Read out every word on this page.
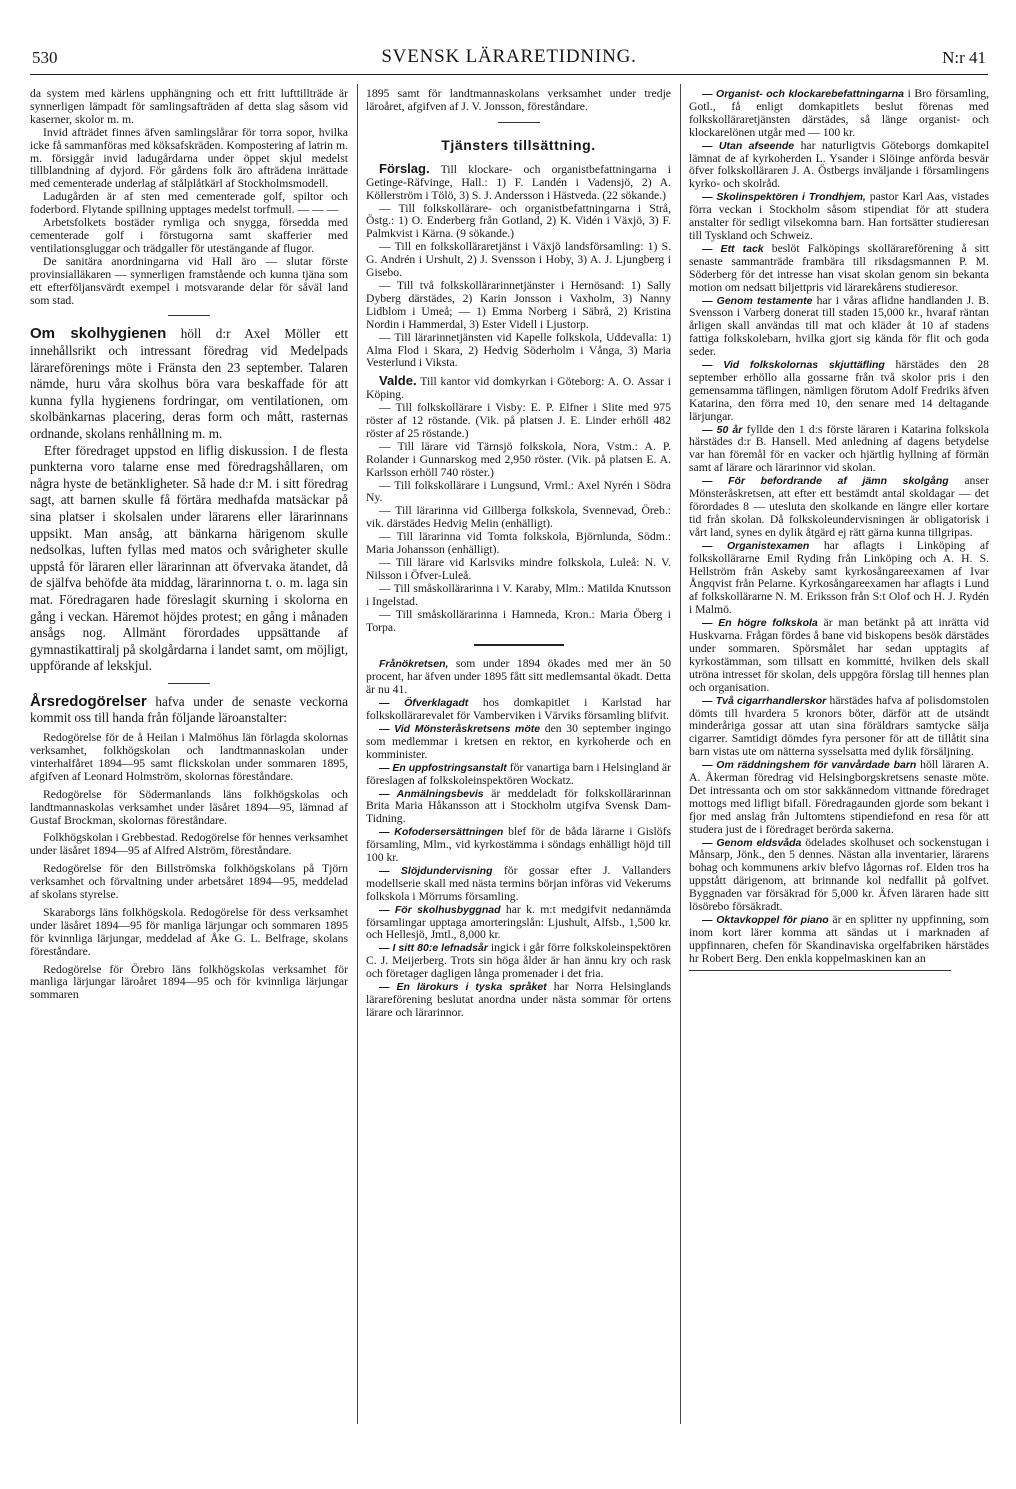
530	SVENSK LÄRARETIDNING.	N:r 41

da system med kärlens upphängning och ett fritt lufttillträde är synnerligen lämpadt för samlingsafträden af detta slag såsom vid kaserner, skolor m. m.

Invid afträdet finnes äfven samlingslårar för torra sopor, hvilka icke få sammanföras med köksafskräden. Kompostering af latrin m. m. försiggår invid ladugårdarna under öppet skjul medelst tillblandning af dyjord. För gårdens folk äro afträdena inrättade med cementerade underlag af stålplåtkärl af Stockholmsmodell.

Ladugården är af sten med cementerade golf, spiltor och foderbord. Flytande spillning upptages medelst torfmull. — — —

Arbetsfolkets bostäder rymliga och snygga, försedda med cementerade golf i förstugorna samt skafferier med ventilationsgluggar och trädgaller för utestängande af flugor.

De sanitära anordningarna vid Hall äro — slutar förste provinsialläkaren — synnerligen framstående och kunna tjäna som ett efterföljansvärdt exempel i motsvarande delar för såväl land som stad.

Om skolhygienen höll d:r Axel Möller ett innehållsrikt och intressant föredrag vid Medelpads lärareförenings möte i Fränsta den 23 september. Talaren nämde, huru våra skolhus böra vara beskaffade för att kunna fylla hygienens fordringar, om ventilationen, om skolbänkarnas placering, deras form och mått, rasternas ordnande, skolans renhållning m. m.

Efter föredraget uppstod en liflig diskussion. I de flesta punkterna voro talarne ense med föredragshållaren, om några hyste de betänkligheter. Så hade d:r M. i sitt föredrag sagt, att barnen skulle få förtära medhafda matsäckar på sina platser i skolsalen under lärarens eller lärarinnans uppsikt. Man ansåg, att bänkarna härigenom skulle nedsolkas, luften fyllas med matos och svårigheter skulle uppstå för läraren eller lärarinnan att öfvervaka ätandet, då de själfva behöfde äta middag, lärarinnorna t. o. m. laga sin mat. Föredragaren hade föreslagit skurning i skolorna en gång i veckan. Häremot höjdes protest; en gång i månaden ansågs nog. Allmänt förordades uppsättande af gymnastikattiralj på skolgårdarna i landet samt, om möjligt, uppförande af lekskjul.

Årsredogörelser hafva under de senaste veckorna kommit oss till handa från följande läroanstalter:

Redogörelse för de å Heilan i Malmöhus län förlagda skolornas verksamhet, folkhögskolan och landtmannaskolan under vinterhalfåret 1894—95 samt flickskolan under sommaren 1895, afgifven af Leonard Holmström, skolornas föreståndare.

Redogörelse för Södermanlands läns folkhögskolas och landtmannaskolas verksamhet under läsåret 1894—95, lämnad af Gustaf Brockman, skolornas föreståndare.

Folkhögskolan i Grebbestad. Redogörelse för hennes verksamhet under läsåret 1894—95 af Alfred Alström, föreståndare.

Redogörelse för den Billströmska folkhögskolans på Tjörn verksamhet och förvaltning under arbetsåret 1894—95, meddelad af skolans styrelse.

Skaraborgs läns folkhögskola. Redogörelse för dess verksamhet under läsåret 1894—95 för manliga lärjungar och sommaren 1895 för kvinnliga lärjungar, meddelad af Åke G. L. Belfrage, skolans föreståndare.

Redogörelse för Örebro läns folkhögskolas verksamhet för manliga lärjungar läroåret 1894—95 och för kvinnliga lärjungar sommaren

1895 samt för landtmannaskolans verksamhet under tredje läroåret, afgifven af J. V. Jonsson, föreståndare.

Tjänsters tillsättning.

Förslag. Till klockare- och organistbefattningarna i Getinge-Räfvinge, Hall.: 1) F. Landén i Vadensjö, 2) A. Köllerström i Tölö, 3) S. J. Andersson i Hästveda. (22 sökande.)

— Till folkskollärare- och organistbefattningarna i Strå, Östg.: 1) O. Enderberg från Gotland, 2) K. Vidén i Växjö, 3) F. Palmkvist i Kärna. (9 sökande.)

— Till en folkskolläraretjänst i Växjö landsförsamling: 1) S. G. Andrén i Urshult, 2) J. Svensson i Hoby, 3) A. J. Ljungberg i Gisebo.

— Till två folkskollärarinnetjänster i Hernösand: 1) Sally Dyberg därstädes, 2) Karin Jonsson i Vaxholm, 3) Nanny Lidblom i Umeå; — 1) Emma Norberg i Säbrå, 2) Kristina Nordin i Hammerdal, 3) Ester Videll i Ljustorp.

— Till lärarinnetjänsten vid Kapelle folkskola, Uddevalla: 1) Alma Flod i Skara, 2) Hedvig Söderholm i Vånga, 3) Maria Vesterlund i Viksta.

Valde. Till kantor vid domkyrkan i Göteborg: A. O. Assar i Köping.

— Till folkskollärare i Visby: E. P. Elfner i Slite med 975 röster af 12 röstande. (Vik. på platsen J. E. Linder erhöll 482 röster af 25 röstande.)

— Till lärare vid Tärnsjö folkskola, Nora, Vstm.: A. P. Rolander i Gunnarskog med 2,950 röster. (Vik. på platsen E. A. Karlsson erhöll 740 röster.)

— Till folkskollärare i Lungsund, Vrml.: Axel Nyrén i Södra Ny.

— Till lärarinna vid Gillberga folkskola, Svennevad, Öreb.: vik. därstädes Hedvig Melin (enhälligt).

— Till lärarinna vid Tomta folkskola, Björnlunda, Södm.: Maria Johansson (enhälligt).

— Till lärare vid Karlsviks mindre folkskola, Luleå: N. V. Nilsson i Öfver-Luleå.

— Till småskollärarinna i V. Karaby, Mlm.: Matilda Knutsson i Ingelstad.

— Till småskollärarinna i Hamneda, Kron.: Maria Öberg i Torpa.

Frånökretsen, som under 1894 ökades med mer än 50 procent, har äfven under 1895 fått sitt medlemsantal ökadt. Detta är nu 41.

— Öfverklagadt hos domkapitlet i Karlstad har folkskollärarevalet för Vamberviken i Värviks församling blifvit.

— Vid Mönsteråskretsens möte den 30 september ingingo som medlemmar i kretsen en rektor, en kyrkoherde och en komminister.

— En uppfostringsanstalt för vanartiga barn i Helsingland är föreslagen af folkskoleinspektören Wockatz.

— Anmälningsbevis är meddeladt för folkskollärarinnan Brita Maria Håkansson att i Stockholm utgifva Svensk Dam-Tidning.

— Kofodersersättningen blef för de båda lärarne i Gislöfs församling, Mlm., vid kyrkostämma i söndags enhälligt höjd till 100 kr.

— Slöjdundervisning för gossar efter J. Vallanders modellserie skall med nästa termins början införas vid Vekerums folkskola i Mörrums församling.

— För skolhusbyggnad har k. m:t medgifvit nedannämda församlingar upptaga amorteringslån: Ljushult, Alfsb., 1,500 kr. och Hellesjö, Jmtl., 8,000 kr.

— I sitt 80:e lefnadsår ingick i går förre folkskoleinspektören C. J. Meijerberg. Trots sin höga ålder är han ännu kry och rask och företager dagligen långa promenader i det fria.

— En lärokurs i tyska språket har Norra Helsinglands lärareförening beslutat anordna under nästa sommar för ortens lärare och lärarinnor.

— Organist- och klockarebefattningarna i Bro församling, Gotl., få enligt domkapitlets beslut förenas med folkskolläraretjänsten därstädes, så länge organist- och klockarelönen utgår med — 100 kr.

— Utan afseende har naturligtvis Göteborgs domkapitel lämnat de af kyrkoherden L. Ysander i Slöinge anförda besvär öfver folkskolläraren J. A. Östbergs inväljande i församlingens kyrko- och skolråd.

— Skolinspektören i Trondhjem, pastor Karl Aas, vistades förra veckan i Stockholm såsom stipendiat för att studera anstalter för sedligt vilsekomna barn. Han fortsätter studieresan till Tyskland och Schweiz.

— Ett tack beslöt Falköpings skollärareförening å sitt senaste sammanträde frambära till riksdagsmannen P. M. Söderberg för det intresse han visat skolan genom sin bekanta motion om nedsatt biljettpris vid lärarekårens studieresor.

— Genom testamente har i våras aflidne handlanden J. B. Svensson i Varberg donerat till staden 15,000 kr., hvaraf räntan årligen skall användas till mat och kläder åt 10 af stadens fattiga folkskolebarn, hvilka gjort sig kända för flit och goda seder.

— Vid folkskolornas skjuttäfling härstädes den 28 september erhöllo alla gossarne från två skolor pris i den gemensamma täflingen, nämligen förutom Adolf Fredriks äfven Katarina, den förra med 10, den senare med 14 deltagande lärjungar.

— 50 år fyllde den 1 d:s förste läraren i Katarina folkskola härstädes d:r B. Hansell. Med anledning af dagens betydelse var han föremål för en vacker och hjärtlig hyllning af förmän samt af lärare och lärarinnor vid skolan.

— För befordrande af jämn skolgång anser Mönsteråskretsen, att efter ett bestämdt antal skoldagar — det förordades 8 — utesluta den skolkande en längre eller kortare tid från skolan. Då folkskoleundervisningen är obligatorisk i vårt land, synes en dylik åtgärd ej rätt gärna kunna tillgripas.

— Organistexamen har aflagts i Linköping af folkskollärarne Emil Ryding från Linköping och A. H. S. Hellström från Askeby samt kyrkosångareexamen af Ivar Ångqvist från Pelarne. Kyrkosångareexamen har aflagts i Lund af folkskollärarne N. M. Eriksson från S:t Olof och H. J. Rydén i Malmö.

— En högre folkskola är man betänkt på att inrätta vid Huskvarna. Frågan fördes å bane vid biskopens besök därstädes under sommaren. Spörsmålet har sedan upptagits af kyrkostämman, som tillsatt en kommitté, hvilken dels skall utröna intresset för skolan, dels uppgöra förslag till hennes plan och organisation.

— Två cigarrhandlerskor härstädes hafva af polisdomstolen dömts till hvardera 5 kronors böter, därför att de utsändt minderåriga gossar att utan sina föräldrars samtycke sälja cigarrer. Samtidigt dömdes fyra personer för att de tillåtit sina barn vistas ute om nätterna sysselsatta med dylik försäljning.

— Om räddningshem för vanvårdade barn höll läraren A. A. Åkerman föredrag vid Helsingborgskretsens senaste möte. Det intressanta och om stor sakkännedom vittnande föredraget mottogs med lifligt bifall. Föredragaunden gjorde som bekant i fjor med anslag från Jultomtens stipendiefond en resa för att studera just de i föredraget berörda sakerna.

— Genom eldsvåda ödelades skolhuset och sockenstugan i Månsarp, Jönk., den 5 dennes. Nästan alla inventarier, lärarens bohag och kommunens arkiv blefvo lågornas rof. Elden tros ha uppstått därigenom, att brinnande kol nedfallit på golfvet. Byggnaden var försäkrad för 5,000 kr. Äfven läraren hade sitt lösörebo försäkradt.

— Oktavkoppel för piano är en splitter ny uppfinning, som inom kort lärer komma att sändas ut i marknaden af uppfinnaren, chefen för Skandinaviska orgelfabriken härstädes hr Robert Berg. Den enkla koppelmaskinen kan an
